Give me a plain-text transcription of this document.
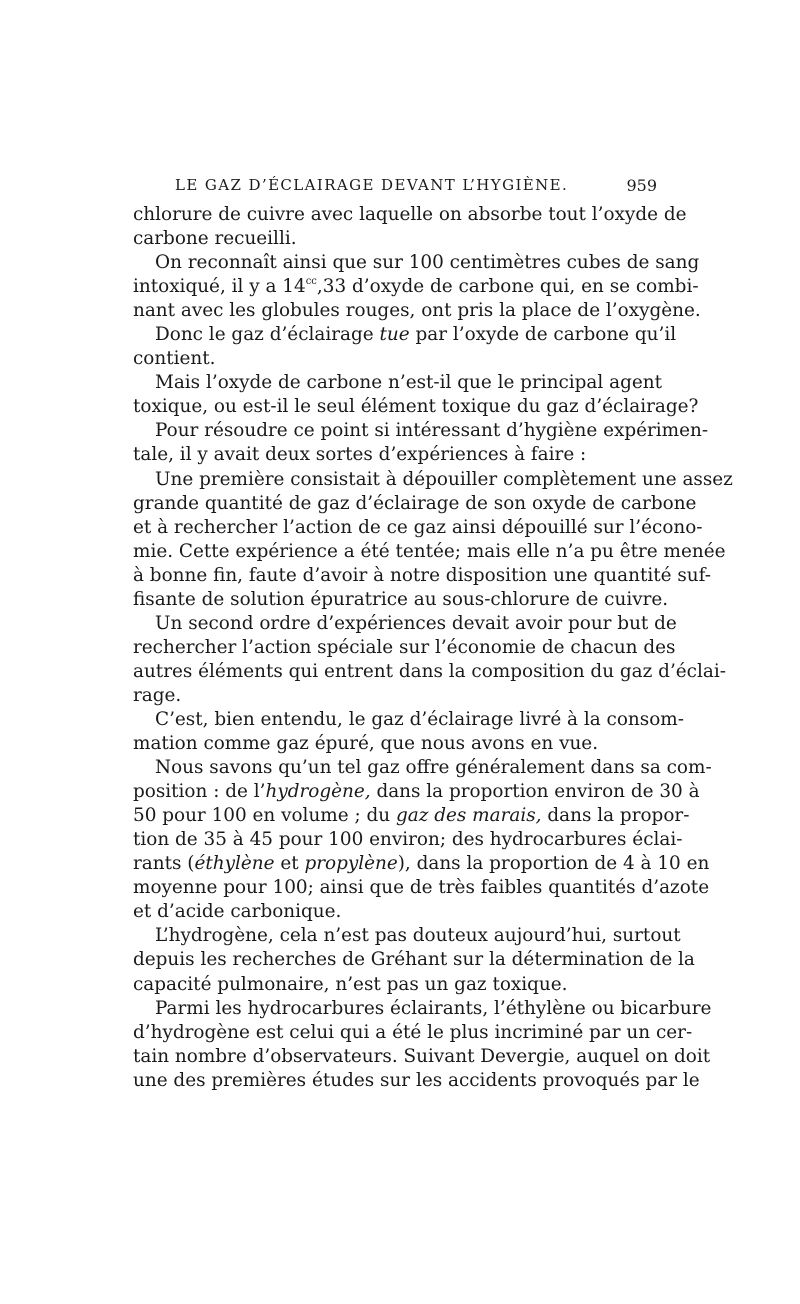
LE GAZ D’ÉCLAIRAGE DEVANT L’HYGIÈNE.	959
chlorure de cuivre avec laquelle on absorbe tout l’oxyde de
carbone recueilli.
On reconnaît ainsi que sur 100 centimètres cubes de sang
intoxiqué, il y a $14^{cc},33$ d’oxyde de carbone qui, en se combi-
nant avec les globules rouges, ont pris la place de l’oxygène.
Donc le gaz d’éclairage tue par l’oxyde de carbone qu’il
contient.
Mais l’oxyde de carbone n’est-il que le principal agent
toxique, ou est-il le seul élément toxique du gaz d’éclairage?
Pour résoudre ce point si intéressant d’hygiène expérimen-
tale, il y avait deux sortes d’expériences à faire :
Une première consistait à dépouiller complètement une assez
grande quantité de gaz d’éclairage de son oxyde de carbone
et à rechercher l’action de ce gaz ainsi dépouillé sur l’écono-
mie. Cette expérience a été tentée; mais elle n’a pu être menée
à bonne fin, faute d’avoir à notre disposition une quantité suf-
fisante de solution épuratrice au sous-chlorure de cuivre.
Un second ordre d’expériences devait avoir pour but de
rechercher l’action spéciale sur l’économie de chacun des
autres éléments qui entrent dans la composition du gaz d’éclai-
rage.
C’est, bien entendu, le gaz d’éclairage livré à la consom-
mation comme gaz épuré, que nous avons en vue.
Nous savons qu’un tel gaz offre généralement dans sa com-
position : de l’hydrogène, dans la proportion environ de 30 à
50 pour 100 en volume ; du gaz des marais, dans la propor-
tion de 35 à 45 pour 100 environ; des hydrocarbures éclai-
rants (éthylène et propylène), dans la proportion de 4 à 10 en
moyenne pour 100; ainsi que de très faibles quantités d’azote
et d’acide carbonique.
L’hydrogène, cela n’est pas douteux aujourd’hui, surtout
depuis les recherches de Gréhant sur la détermination de la
capacité pulmonaire, n’est pas un gaz toxique.
Parmi les hydrocarbures éclairants, l’éthylène ou bicarbure
d’hydrogène est celui qui a été le plus incriminé par un cer-
tain nombre d’observateurs. Suivant Devergie, auquel on doit
une des premières études sur les accidents provoqués par le
